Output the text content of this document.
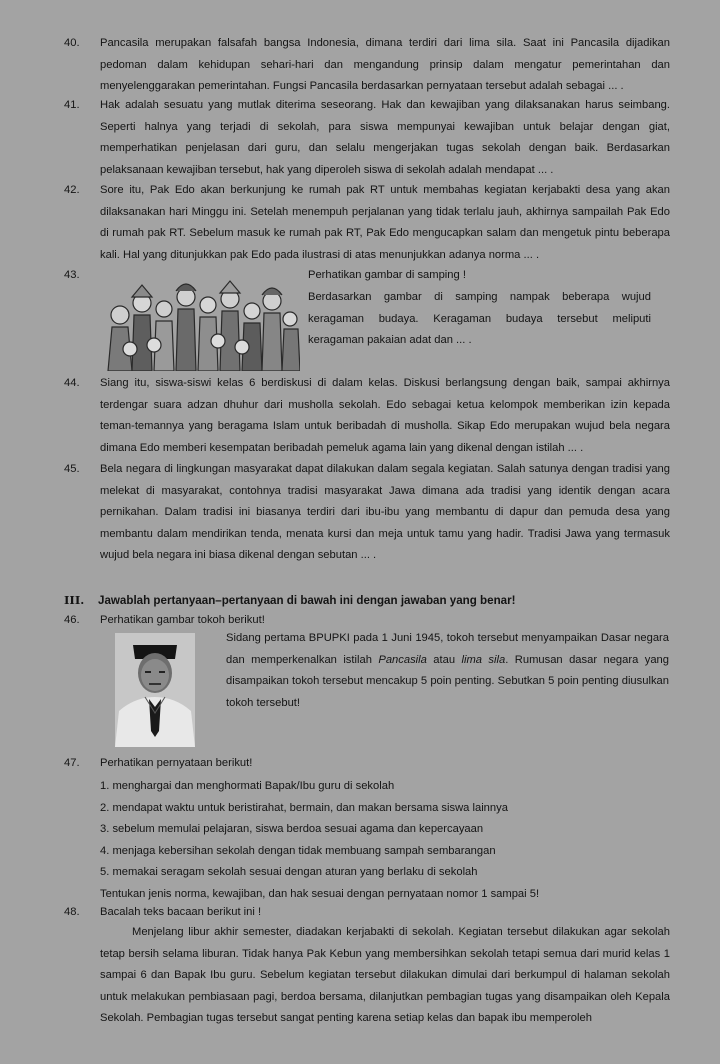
40. Pancasila merupakan falsafah bangsa Indonesia, dimana terdiri dari lima sila. Saat ini Pancasila dijadikan pedoman dalam kehidupan sehari-hari dan mengandung prinsip dalam mengatur pemerintahan dan menyelenggarakan pemerintahan. Fungsi Pancasila berdasarkan pernyataan tersebut adalah sebagai ... .

41. Hak adalah sesuatu yang mutlak diterima seseorang. Hak dan kewajiban yang dilaksanakan harus seimbang. Seperti halnya yang terjadi di sekolah, para siswa mempunyai kewajiban untuk belajar dengan giat, memperhatikan penjelasan dari guru, dan selalu mengerjakan tugas sekolah dengan baik. Berdasarkan pelaksanaan kewajiban tersebut, hak yang diperoleh siswa di sekolah adalah mendapat ... .

42. Sore itu, Pak Edo akan berkunjung ke rumah pak RT untuk membahas kegiatan kerjabakti desa yang akan dilaksanakan hari Minggu ini. Setelah menempuh perjalanan yang tidak terlalu jauh, akhirnya sampailah Pak Edo di rumah pak RT. Sebelum masuk ke rumah pak RT, Pak Edo mengucapkan salam dan mengetuk pintu beberapa kali. Hal yang ditunjukkan pak Edo pada ilustrasi di atas menunjukkan adanya norma ... .

43.	Perhatikan gambar di samping !

Berdasarkan gambar di samping nampak beberapa wujud keragaman budaya. Keragaman budaya tersebut meliputi keragaman pakaian adat dan ... .

44. Siang itu, siswa-siswi kelas 6 berdiskusi di dalam kelas. Diskusi berlangsung dengan baik, sampai akhirnya terdengar suara adzan dhuhur dari musholla sekolah. Edo sebagai ketua kelompok memberikan izin kepada teman-temannya yang beragama Islam untuk beribadah di musholla. Sikap Edo merupakan wujud bela negara dimana Edo memberi kesempatan beribadah pemeluk agama lain yang dikenal dengan istilah ... .

45. Bela negara di lingkungan masyarakat dapat dilakukan dalam segala kegiatan. Salah satunya dengan tradisi yang melekat di masyarakat, contohnya tradisi masyarakat Jawa dimana ada tradisi yang identik dengan acara pernikahan. Dalam tradisi ini biasanya terdiri dari ibu-ibu yang membantu di dapur dan pemuda desa yang membantu dalam mendirikan tenda, menata kursi dan meja untuk tamu yang hadir. Tradisi Jawa yang termasuk wujud bela negara ini biasa dikenal dengan sebutan ... .

III. Jawablah pertanyaan–pertanyaan di bawah ini dengan jawaban yang benar!
46. Perhatikan gambar tokoh berikut!

Sidang pertama BPUPKI pada 1 Juni 1945, tokoh tersebut menyampaikan Dasar negara dan memperkenalkan istilah Pancasila atau lima sila. Rumusan dasar negara yang disampaikan tokoh tersebut mencakup 5 poin penting. Sebutkan 5 poin penting diusulkan tokoh tersebut!

47. Perhatikan pernyataan berikut!
1. menghargai dan menghormati Bapak/Ibu guru di sekolah
2. mendapat waktu untuk beristirahat, bermain, dan makan bersama siswa lainnya
3. sebelum memulai pelajaran, siswa berdoa sesuai agama dan kepercayaan
4. menjaga kebersihan sekolah dengan tidak membuang sampah sembarangan
5. memakai seragam sekolah sesuai dengan aturan yang berlaku di sekolah
Tentukan jenis norma, kewajiban, dan hak sesuai dengan pernyataan nomor 1 sampai 5!
48. Bacalah teks bacaan berikut ini !

Menjelang libur akhir semester, diadakan kerjabakti di sekolah. Kegiatan tersebut dilakukan agar sekolah tetap bersih selama liburan. Tidak hanya Pak Kebun yang membersihkan sekolah tetapi semua dari murid kelas 1 sampai 6 dan Bapak Ibu guru. Sebelum kegiatan tersebut dilakukan dimulai dari berkumpul di halaman sekolah untuk melakukan pembiasaan pagi, berdoa bersama, dilanjutkan pembagian tugas yang disampaikan oleh Kepala Sekolah. Pembagian tugas tersebut sangat penting karena setiap kelas dan bapak ibu memperoleh
